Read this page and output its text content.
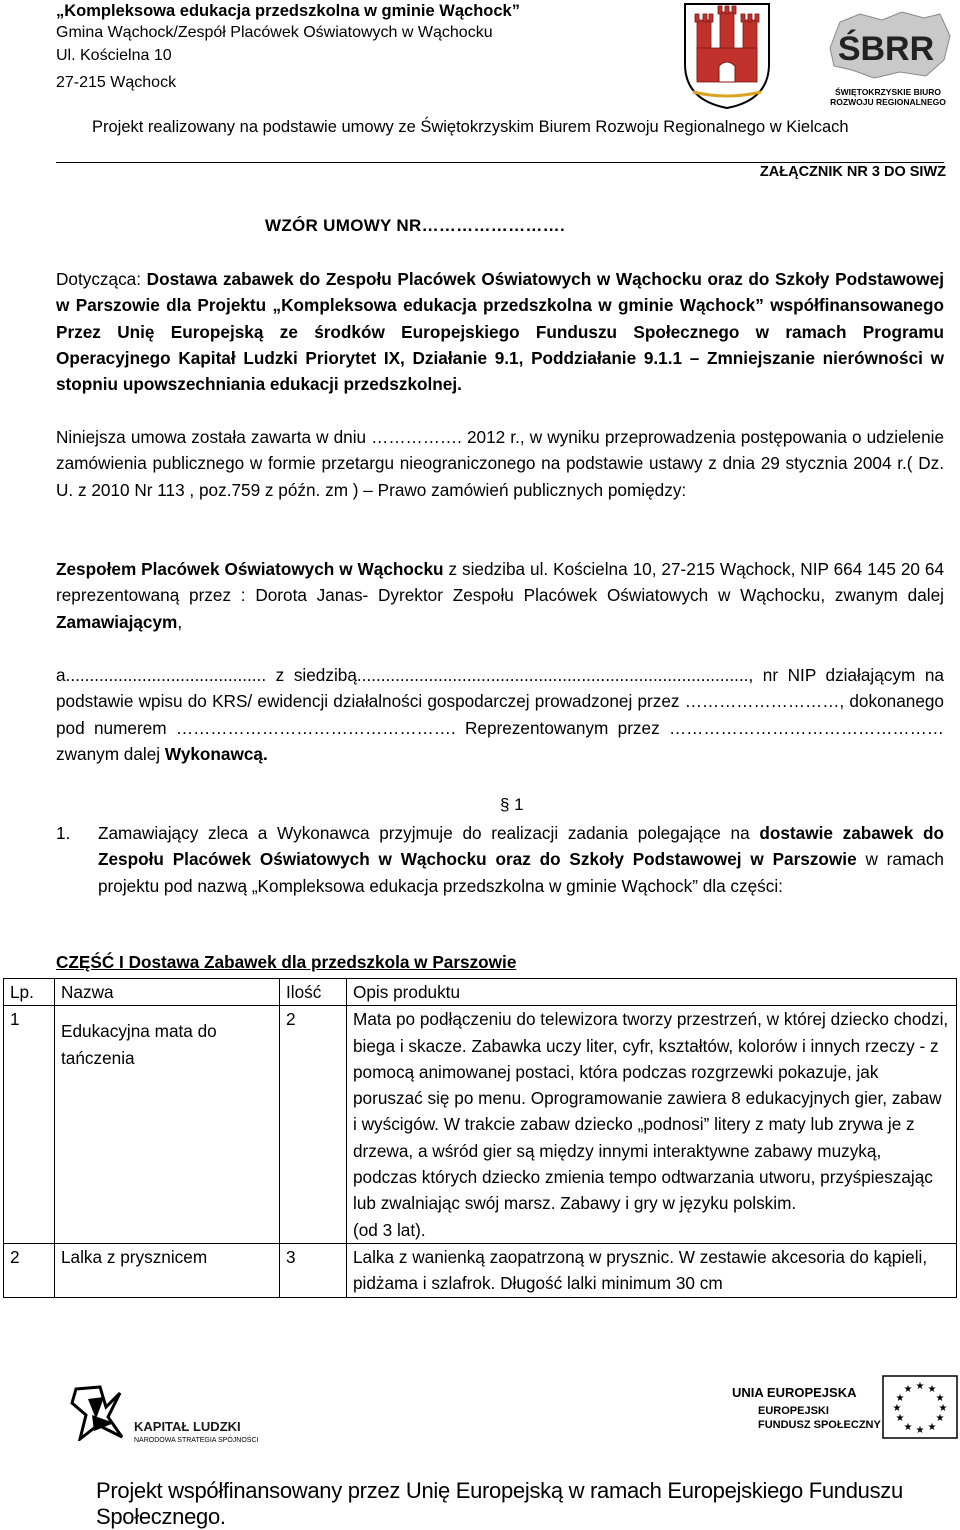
„Kompleksowa edukacja przedszkolna w gminie Wąchock”
Gmina Wąchock/Zespół Placówek Oświatowych w Wąchocku
Ul. Kościelna 10
27-215 Wąchock
ŚBRR
ŚWIĘTOKRZYSKIE BIURO
ROZWOJU REGIONALNEGO
Projekt realizowany na podstawie umowy ze Świętokrzyskim Biurem Rozwoju Regionalnego w Kielcach
ZAŁĄCZNIK NR 3 DO SIWZ
WZÓR UMOWY NR…………………….
Dotycząca: Dostawa zabawek do Zespołu Placówek Oświatowych w Wąchocku oraz do Szkoły Podstawowej w Parszowie dla Projektu „Kompleksowa edukacja przedszkolna w gminie Wąchock” współfinansowanego Przez Unię Europejską ze środków Europejskiego Funduszu Społecznego w ramach Programu Operacyjnego Kapitał Ludzki Priorytet IX, Działanie 9.1, Poddziałanie 9.1.1 – Zmniejszanie nierówności w stopniu upowszechniania edukacji przedszkolnej.
Niniejsza umowa została zawarta w dniu ……………. 2012 r., w wyniku przeprowadzenia postępowania o udzielenie zamówienia publicznego w formie przetargu nieograniczonego na podstawie ustawy z dnia 29 stycznia 2004 r.( Dz. U. z 2010 Nr 113 , poz.759 z późn. zm ) – Prawo zamówień publicznych pomiędzy:
Zespołem Placówek Oświatowych w Wąchocku z siedziba ul. Kościelna 10, 27-215 Wąchock, NIP 664 145 20 64 reprezentowaną przez : Dorota Janas- Dyrektor Zespołu Placówek Oświatowych w Wąchocku, zwanym dalej Zamawiającym,
a.......................................... z siedzibą.................................................................................., nr NIP działającym na podstawie wpisu do KRS/ ewidencji działalności gospodarczej prowadzonej przez ………………………, dokonanego pod numerem …………………………………………. Reprezentowanym przez …………………………………………zwanym dalej Wykonawcą.
§ 1
1. Zamawiający zleca a Wykonawca przyjmuje do realizacji zadania polegające na dostawie zabawek do Zespołu Placówek Oświatowych w Wąchocku oraz do Szkoły Podstawowej w Parszowie w ramach projektu pod nazwą „Kompleksowa edukacja przedszkolna w gminie Wąchock” dla części:
CZĘŚĆ I Dostawa Zabawek dla przedszkola w Parszowie
Lp.	Nazwa	Ilość	Opis produktu
1	Edukacyjna mata do tańczenia	2	Mata po podłączeniu do telewizora tworzy przestrzeń, w której dziecko chodzi, biega i skacze. Zabawka uczy liter, cyfr, kształtów, kolorów i innych rzeczy - z pomocą animowanej postaci, która podczas rozgrzewki pokazuje, jak poruszać się po menu. Oprogramowanie zawiera 8 edukacyjnych gier, zabaw i wyścigów. W trakcie zabaw dziecko „podnosi” litery z maty lub zrywa je z drzewa, a wśród gier są między innymi interaktywne zabawy muzyką, podczas których dziecko zmienia tempo odtwarzania utworu, przyśpieszając lub zwalniając swój marsz. Zabawy i gry w języku polskim.
(od 3 lat).

2	Lalka z prysznicem	3	Lalka z wanienką zaopatrzoną w prysznic. W zestawie akcesoria do kąpieli, pidżama i szlafrok. Długość lalki minimum 30 cm
KAPITAŁ LUDZKI
NARODOWA STRATEGIA SPÓJNOŚCI
UNIA EUROPEJSKA
EUROPEJSKI
FUNDUSZ SPOŁECZNY
★ ★
★
★
★
★
★
★
★
★
★
★
Projekt współfinansowany przez Unię Europejską w ramach Europejskiego Funduszu Społecznego.
